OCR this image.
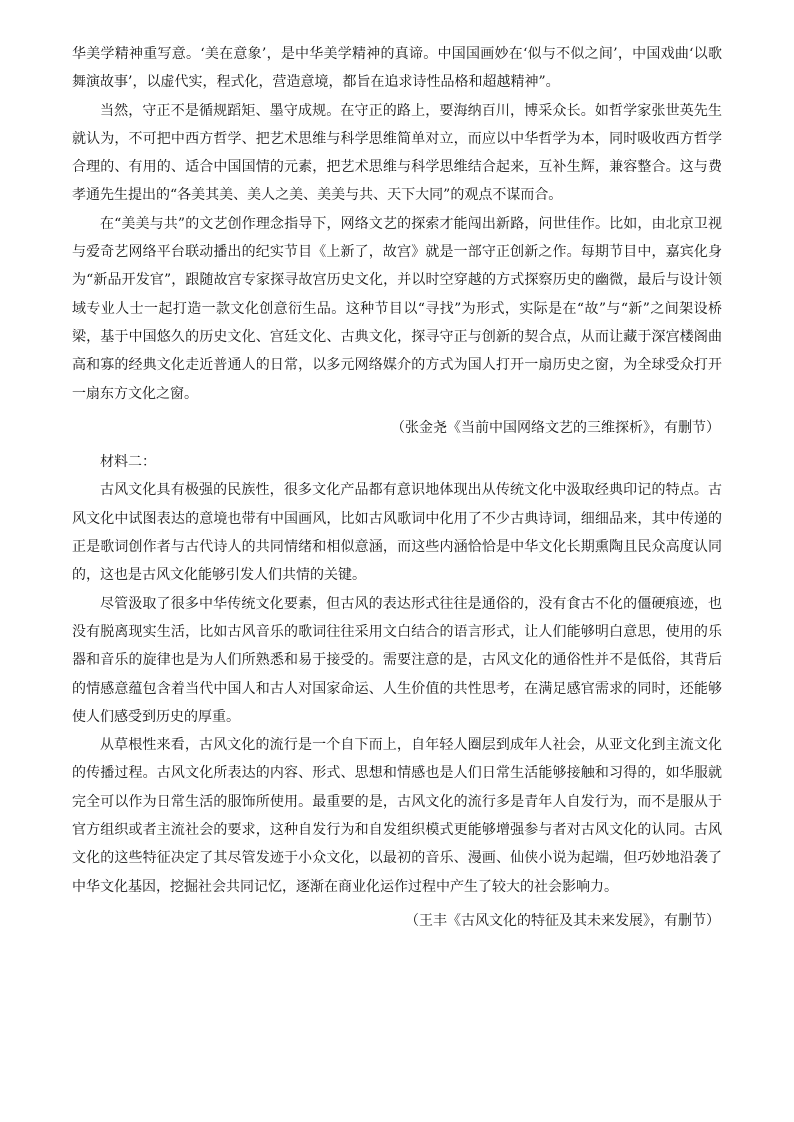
华美学精神重写意。‘美在意象’，是中华美学精神的真谛。中国国画妙在‘似与不似之间’，中国戏曲‘以歌舞演故事’，以虚代实，程式化，营造意境，都旨在追求诗性品格和超越精神”。

当然，守正不是循规蹈矩、墨守成规。在守正的路上，要海纳百川，博采众长。如哲学家张世英先生就认为，不可把中西方哲学、把艺术思维与科学思维简单对立，而应以中华哲学为本，同时吸收西方哲学合理的、有用的、适合中国国情的元素，把艺术思维与科学思维结合起来，互补生辉，兼容整合。这与费孝通先生提出的“各美其美、美人之美、美美与共、天下大同”的观点不谋而合。

在“美美与共”的文艺创作理念指导下，网络文艺的探索才能闯出新路，问世佳作。比如，由北京卫视与爱奇艺网络平台联动播出的纪实节目《上新了，故宫》就是一部守正创新之作。每期节目中，嘉宾化身为“新品开发官”，跟随故宫专家探寻故宫历史文化，并以时空穿越的方式探察历史的幽微，最后与设计领域专业人士一起打造一款文化创意衍生品。这种节目以“寻找”为形式，实际是在“故”与“新”之间架设桥梁，基于中国悠久的历史文化、宫廷文化、古典文化，探寻守正与创新的契合点，从而让藏于深宫楼阁曲高和寡的经典文化走近普通人的日常，以多元网络媒介的方式为国人打开一扇历史之窗，为全球受众打开一扇东方文化之窗。

（张金尧《当前中国网络文艺的三维探析》，有删节）

材料二：

古风文化具有极强的民族性，很多文化产品都有意识地体现出从传统文化中汲取经典印记的特点。古风文化中试图表达的意境也带有中国画风，比如古风歌词中化用了不少古典诗词，细细品来，其中传递的正是歌词创作者与古代诗人的共同情绪和相似意涵，而这些内涵恰恰是中华文化长期熏陶且民众高度认同的，这也是古风文化能够引发人们共情的关键。

尽管汲取了很多中华传统文化要素，但古风的表达形式往往是通俗的，没有食古不化的僵硬痕迹，也没有脱离现实生活，比如古风音乐的歌词往往采用文白结合的语言形式，让人们能够明白意思，使用的乐器和音乐的旋律也是为人们所熟悉和易于接受的。需要注意的是，古风文化的通俗性并不是低俗，其背后的情感意蕴包含着当代中国人和古人对国家命运、人生价值的共性思考，在满足感官需求的同时，还能够使人们感受到历史的厚重。

从草根性来看，古风文化的流行是一个自下而上，自年轻人圈层到成年人社会，从亚文化到主流文化的传播过程。古风文化所表达的内容、形式、思想和情感也是人们日常生活能够接触和习得的，如华服就完全可以作为日常生活的服饰所使用。最重要的是，古风文化的流行多是青年人自发行为，而不是服从于官方组织或者主流社会的要求，这种自发行为和自发组织模式更能够增强参与者对古风文化的认同。古风文化的这些特征决定了其尽管发迹于小众文化，以最初的音乐、漫画、仙侠小说为起端，但巧妙地沿袭了中华文化基因，挖掘社会共同记忆，逐渐在商业化运作过程中产生了较大的社会影响力。

（王丰《古风文化的特征及其未来发展》，有删节）
